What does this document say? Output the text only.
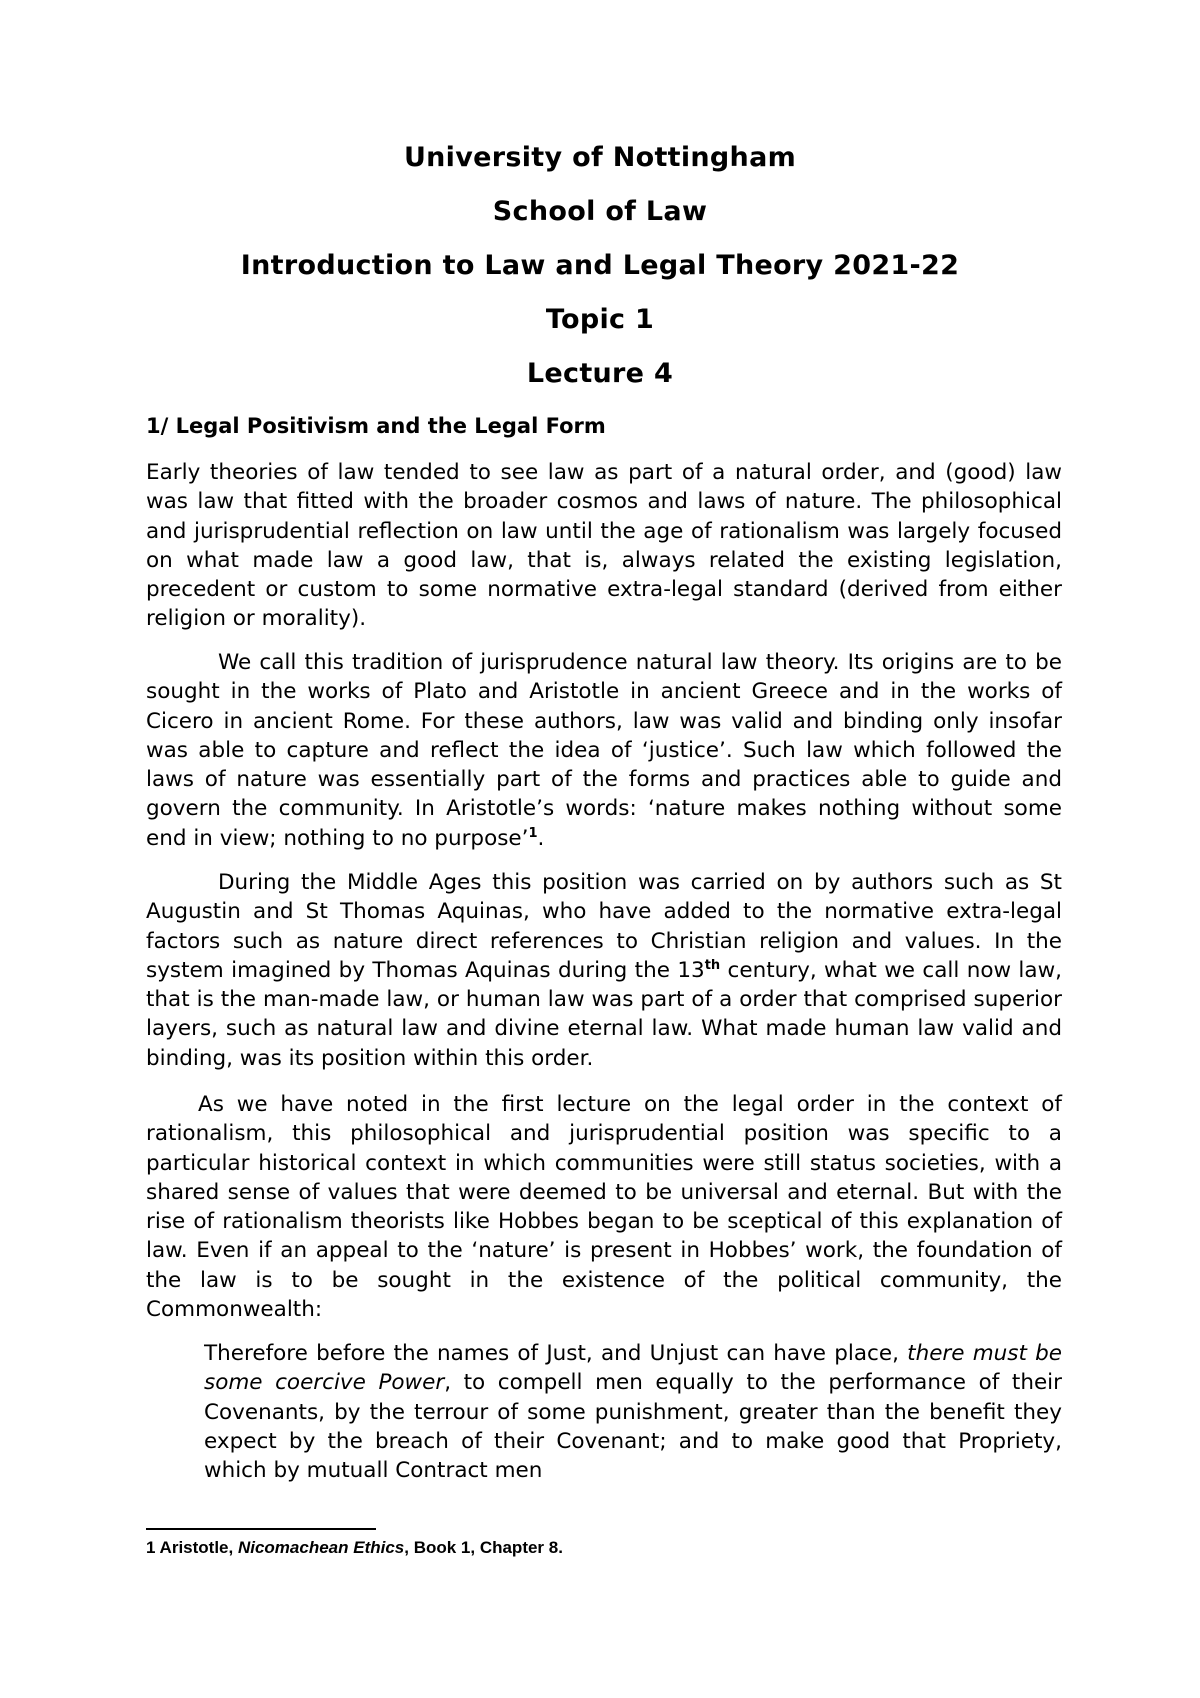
University of Nottingham
School of Law
Introduction to Law and Legal Theory 2021-22
Topic 1
Lecture 4
1/ Legal Positivism and the Legal Form
Early theories of law tended to see law as part of a natural order, and (good) law was law that fitted with the broader cosmos and laws of nature. The philosophical and jurisprudential reflection on law until the age of rationalism was largely focused on what made law a good law, that is, always related the existing legislation, precedent or custom to some normative extra-legal standard (derived from either religion or morality).
We call this tradition of jurisprudence natural law theory. Its origins are to be sought in the works of Plato and Aristotle in ancient Greece and in the works of Cicero in ancient Rome. For these authors, law was valid and binding only insofar was able to capture and reflect the idea of ‘justice’. Such law which followed the laws of nature was essentially part of the forms and practices able to guide and govern the community. In Aristotle’s words: ‘nature makes nothing without some end in view; nothing to no purpose’$^1$.
During the Middle Ages this position was carried on by authors such as St Augustin and St Thomas Aquinas, who have added to the normative extra-legal factors such as nature direct references to Christian religion and values. In the system imagined by Thomas Aquinas during the 13th century, what we call now law, that is the man-made law, or human law was part of a order that comprised superior layers, such as natural law and divine eternal law. What made human law valid and binding, was its position within this order.
As we have noted in the first lecture on the legal order in the context of rationalism, this philosophical and jurisprudential position was specific to a particular historical context in which communities were still status societies, with a shared sense of values that were deemed to be universal and eternal. But with the rise of rationalism theorists like Hobbes began to be sceptical of this explanation of law. Even if an appeal to the ‘nature’ is present in Hobbes’ work, the foundation of the law is to be sought in the existence of the political community, the Commonwealth:
Therefore before the names of Just, and Unjust can have place, there must be some coercive Power, to compell men equally to the performance of their Covenants, by the terrour of some punishment, greater than the benefit they expect by the breach of their Covenant; and to make good that Propriety, which by mutuall Contract men
1 Aristotle, Nicomachean Ethics, Book 1, Chapter 8.
